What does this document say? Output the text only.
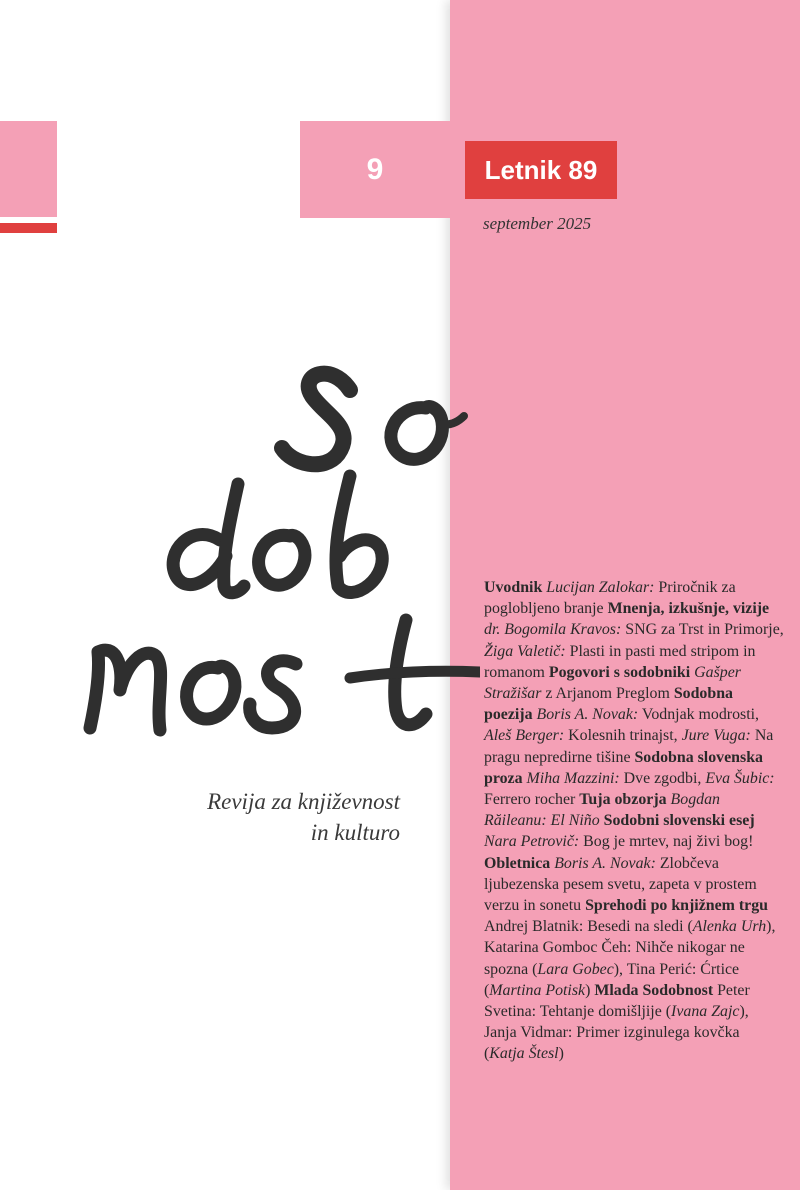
9	Letnik 89
september 2025
Revija za književnost
in kulturo
Uvodnik Lucijan Zalokar: Priročnik za poglobljeno branje Mnenja, izkušnje, vizije dr. Bogomila Kravos: SNG za Trst in Primorje, Žiga Valetič: Plasti in pasti med stripom in romanom Pogovori s sodobniki Gašper Stražišar z Arjanom Preglom Sodobna poezija Boris A. Novak: Vodnjak modrosti, Aleš Berger: Kolesnih trinajst, Jure Vuga: Na pragu nepredirne tišine Sodobna slovenska proza Miha Mazzini: Dve zgodbi, Eva Šubic: Ferrero rocher Tuja obzorja Bogdan Răileanu: El Niño Sodobni slovenski esej Nara Petrovič: Bog je mrtev, naj živi bog! Obletnica Boris A. Novak: Zlobčeva ljubezenska pesem svetu, zapeta v prostem verzu in sonetu Sprehodi po knjižnem trgu Andrej Blatnik: Besedi na sledi (Alenka Urh), Katarina Gomboc Čeh: Nihče nikogar ne spozna (Lara Gobec), Tina Perić: Ćrtice (Martina Potisk) Mlada Sodobnost Peter Svetina: Tehtanje domišljije (Ivana Zajc), Janja Vidmar: Primer izginulega kovčka (Katja Štesl)
